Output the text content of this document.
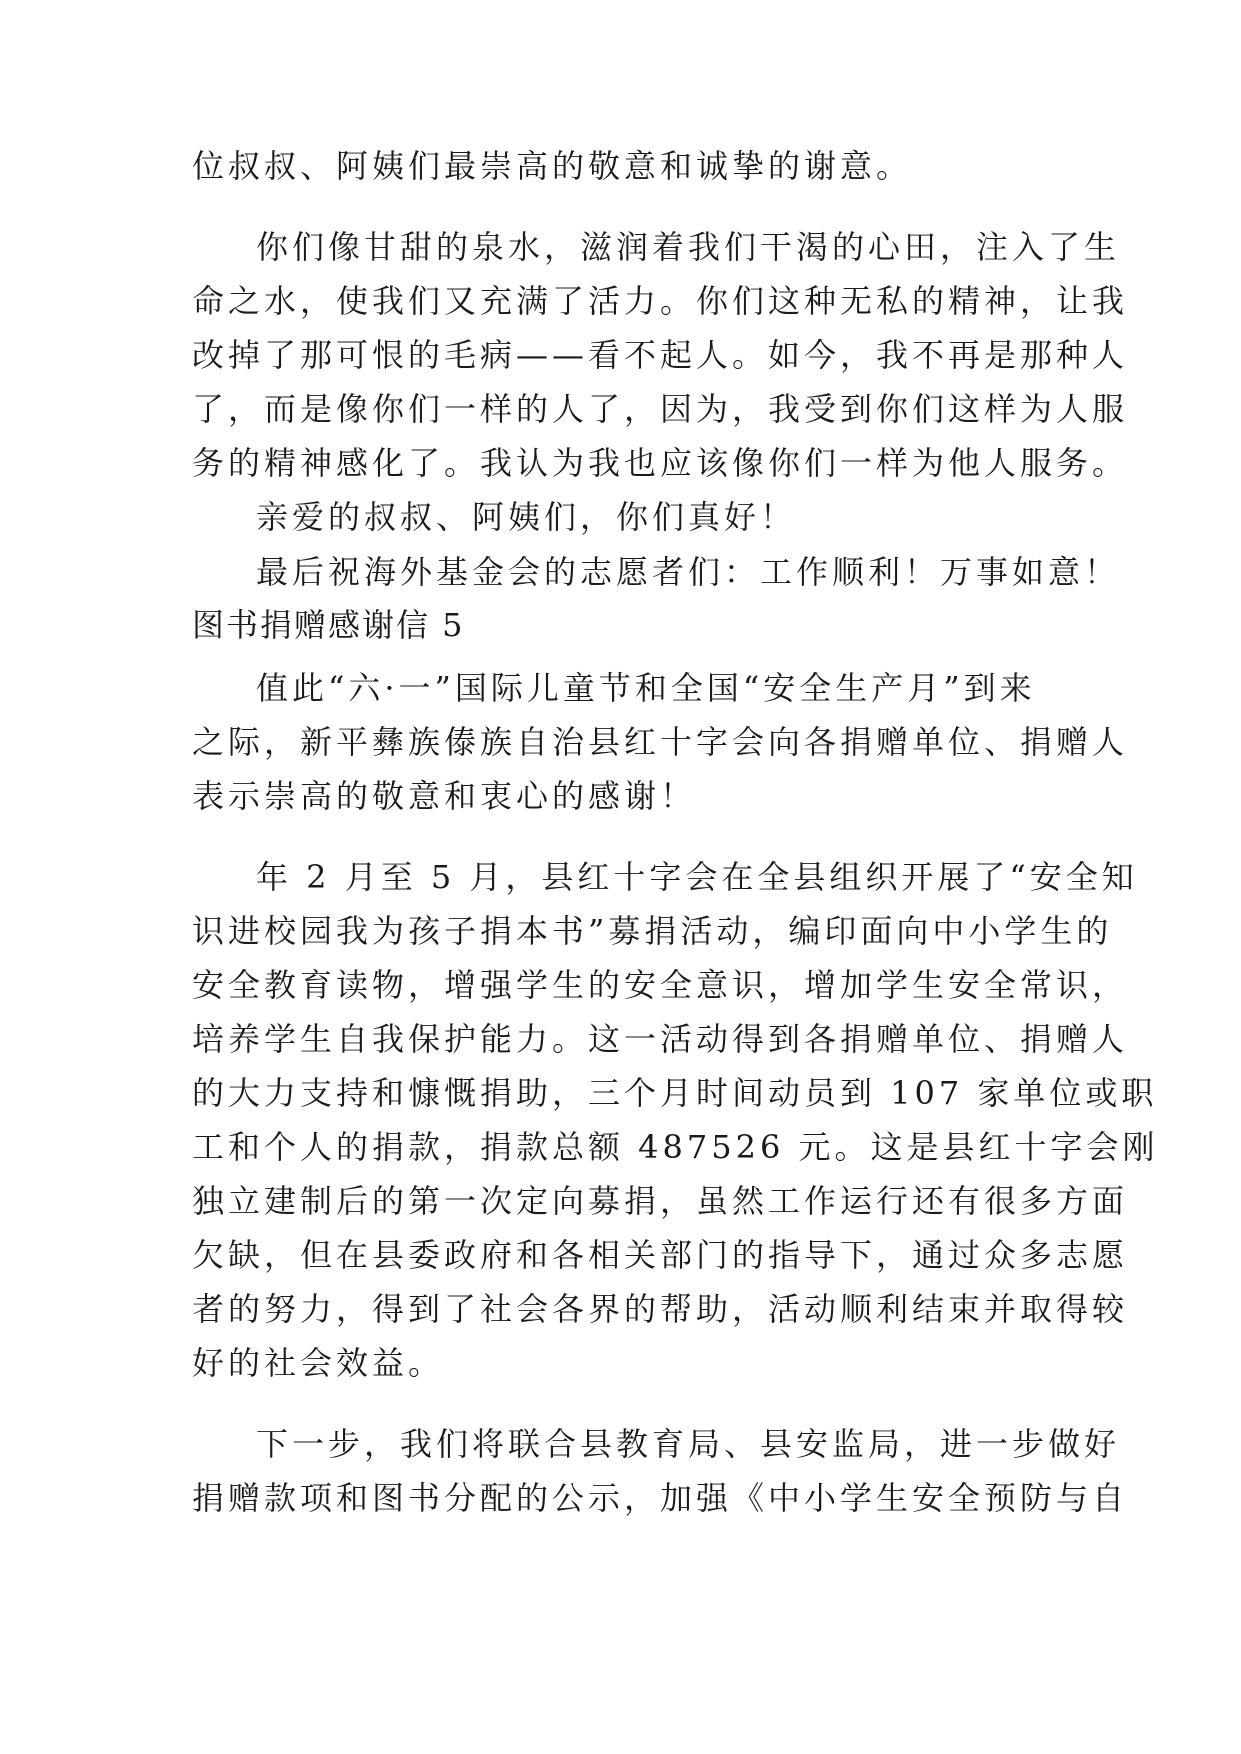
位叔叔、阿姨们最崇高的敬意和诚挚的谢意。
你们像甘甜的泉水，滋润着我们干渴的心田，注入了生
命之水，使我们又充满了活力。你们这种无私的精神，让我
改掉了那可恨的毛病——看不起人。如今，我不再是那种人
了，而是像你们一样的人了，因为，我受到你们这样为人服
务的精神感化了。我认为我也应该像你们一样为他人服务。
亲爱的叔叔、阿姨们，你们真好！
最后祝海外基金会的志愿者们：工作顺利！万事如意！
图书捐赠感谢信 5
值此“六·一”国际儿童节和全国“安全生产月”到来
之际，新平彝族傣族自治县红十字会向各捐赠单位、捐赠人
表示崇高的敬意和衷心的感谢！
年 2 月至 5 月，县红十字会在全县组织开展了“安全知
识进校园我为孩子捐本书”募捐活动，编印面向中小学生的
安全教育读物，增强学生的安全意识，增加学生安全常识，
培养学生自我保护能力。这一活动得到各捐赠单位、捐赠人
的大力支持和慷慨捐助，三个月时间动员到 107 家单位或职
工和个人的捐款，捐款总额 487526 元。这是县红十字会刚
独立建制后的第一次定向募捐，虽然工作运行还有很多方面
欠缺，但在县委政府和各相关部门的指导下，通过众多志愿
者的努力，得到了社会各界的帮助，活动顺利结束并取得较
好的社会效益。
下一步，我们将联合县教育局、县安监局，进一步做好
捐赠款项和图书分配的公示，加强《中小学生安全预防与自
